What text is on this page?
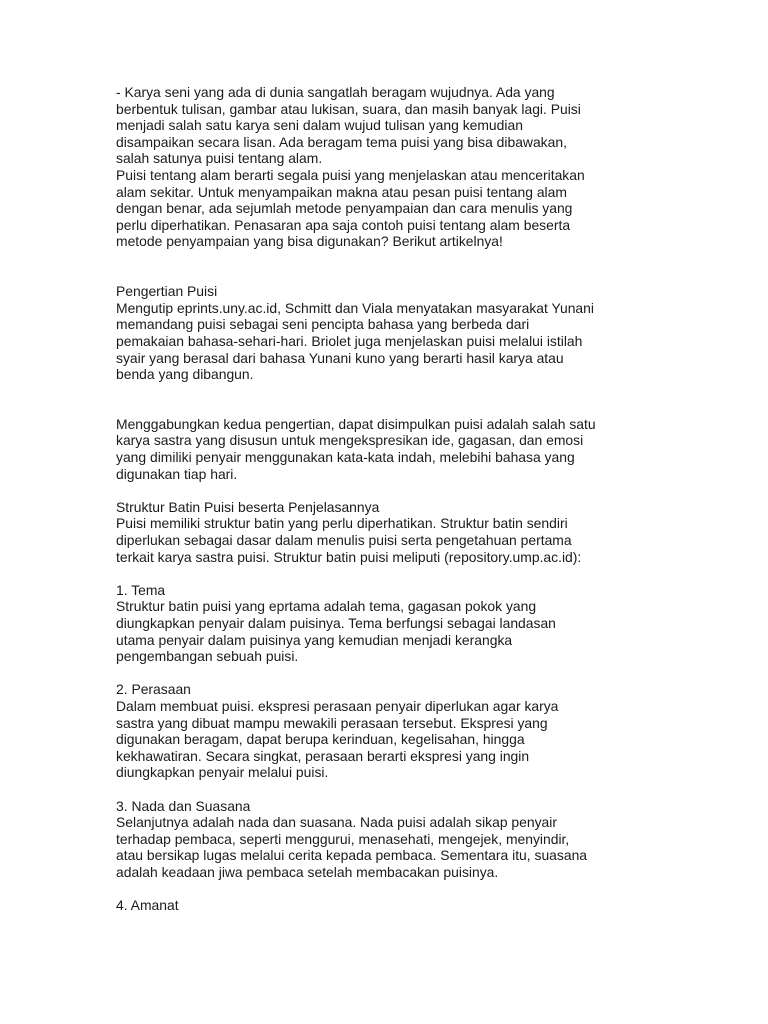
- Karya seni yang ada di dunia sangatlah beragam wujudnya. Ada yang
berbentuk tulisan, gambar atau lukisan, suara, dan masih banyak lagi. Puisi
menjadi salah satu karya seni dalam wujud tulisan yang kemudian
disampaikan secara lisan. Ada beragam tema puisi yang bisa dibawakan,
salah satunya puisi tentang alam.
Puisi tentang alam berarti segala puisi yang menjelaskan atau menceritakan
alam sekitar. Untuk menyampaikan makna atau pesan puisi tentang alam
dengan benar, ada sejumlah metode penyampaian dan cara menulis yang
perlu diperhatikan. Penasaran apa saja contoh puisi tentang alam beserta
metode penyampaian yang bisa digunakan? Berikut artikelnya!
Pengertian Puisi
Mengutip eprints.uny.ac.id, Schmitt dan Viala menyatakan masyarakat Yunani
memandang puisi sebagai seni pencipta bahasa yang berbeda dari
pemakaian bahasa-sehari-hari. Briolet juga menjelaskan puisi melalui istilah
syair yang berasal dari bahasa Yunani kuno yang berarti hasil karya atau
benda yang dibangun.
Menggabungkan kedua pengertian, dapat disimpulkan puisi adalah salah satu
karya sastra yang disusun untuk mengekspresikan ide, gagasan, dan emosi
yang dimiliki penyair menggunakan kata-kata indah, melebihi bahasa yang
digunakan tiap hari.
Struktur Batin Puisi beserta Penjelasannya
Puisi memiliki struktur batin yang perlu diperhatikan. Struktur batin sendiri
diperlukan sebagai dasar dalam menulis puisi serta pengetahuan pertama
terkait karya sastra puisi. Struktur batin puisi meliputi (repository.ump.ac.id):
1. Tema
Struktur batin puisi yang eprtama adalah tema, gagasan pokok yang
diungkapkan penyair dalam puisinya. Tema berfungsi sebagai landasan
utama penyair dalam puisinya yang kemudian menjadi kerangka
pengembangan sebuah puisi.
2. Perasaan
Dalam membuat puisi. ekspresi perasaan penyair diperlukan agar karya
sastra yang dibuat mampu mewakili perasaan tersebut. Ekspresi yang
digunakan beragam, dapat berupa kerinduan, kegelisahan, hingga
kekhawatiran. Secara singkat, perasaan berarti ekspresi yang ingin
diungkapkan penyair melalui puisi.
3. Nada dan Suasana
Selanjutnya adalah nada dan suasana. Nada puisi adalah sikap penyair
terhadap pembaca, seperti menggurui, menasehati, mengejek, menyindir,
atau bersikap lugas melalui cerita kepada pembaca. Sementara itu, suasana
adalah keadaan jiwa pembaca setelah membacakan puisinya.
4. Amanat
